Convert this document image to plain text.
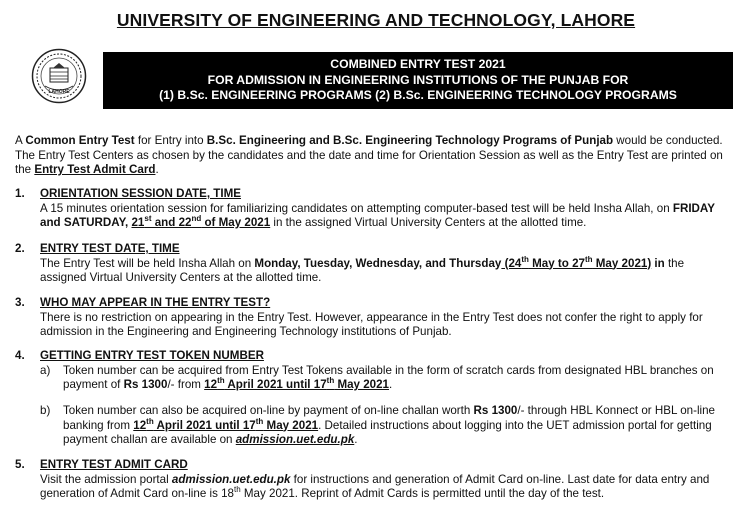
UNIVERSITY OF ENGINEERING AND TECHNOLOGY, LAHORE
LAHORE
COMBINED ENTRY TEST 2021
FOR ADMISSION IN ENGINEERING INSTITUTIONS OF THE PUNJAB FOR
(1) B.Sc. ENGINEERING PROGRAMS (2) B.Sc. ENGINEERING TECHNOLOGY PROGRAMS
A Common Entry Test for Entry into B.Sc. Engineering and B.Sc. Engineering Technology Programs of Punjab would be conducted. The Entry Test Centers as chosen by the candidates and the date and time for Orientation Session as well as the Entry Test are printed on the Entry Test Admit Card.
1. ORIENTATION SESSION DATE, TIME
A 15 minutes orientation session for familiarizing candidates on attempting computer-based test will be held Insha Allah, on FRIDAY and SATURDAY, 21st and 22nd of May 2021 in the assigned Virtual University Centers at the allotted time.
2. ENTRY TEST DATE, TIME
The Entry Test will be held Insha Allah on Monday, Tuesday, Wednesday, and Thursday (24th May to 27th May 2021) in the assigned Virtual University Centers at the allotted time.
3. WHO MAY APPEAR IN THE ENTRY TEST?
There is no restriction on appearing in the Entry Test. However, appearance in the Entry Test does not confer the right to apply for admission in the Engineering and Engineering Technology institutions of Punjab.
4. GETTING ENTRY TEST TOKEN NUMBER
a) Token number can be acquired from Entry Test Tokens available in the form of scratch cards from designated HBL branches on payment of Rs 1300/- from 12th April 2021 until 17th May 2021.
b) Token number can also be acquired on-line by payment of on-line challan worth Rs 1300/- through HBL Konnect or HBL on-line banking from 12th April 2021 until 17th May 2021. Detailed instructions about logging into the UET admission portal for getting payment challan are available on admission.uet.edu.pk.
5. ENTRY TEST ADMIT CARD
Visit the admission portal admission.uet.edu.pk for instructions and generation of Admit Card on-line. Last date for data entry and generation of Admit Card on-line is 18th May 2021. Reprint of Admit Cards is permitted until the day of the test.
